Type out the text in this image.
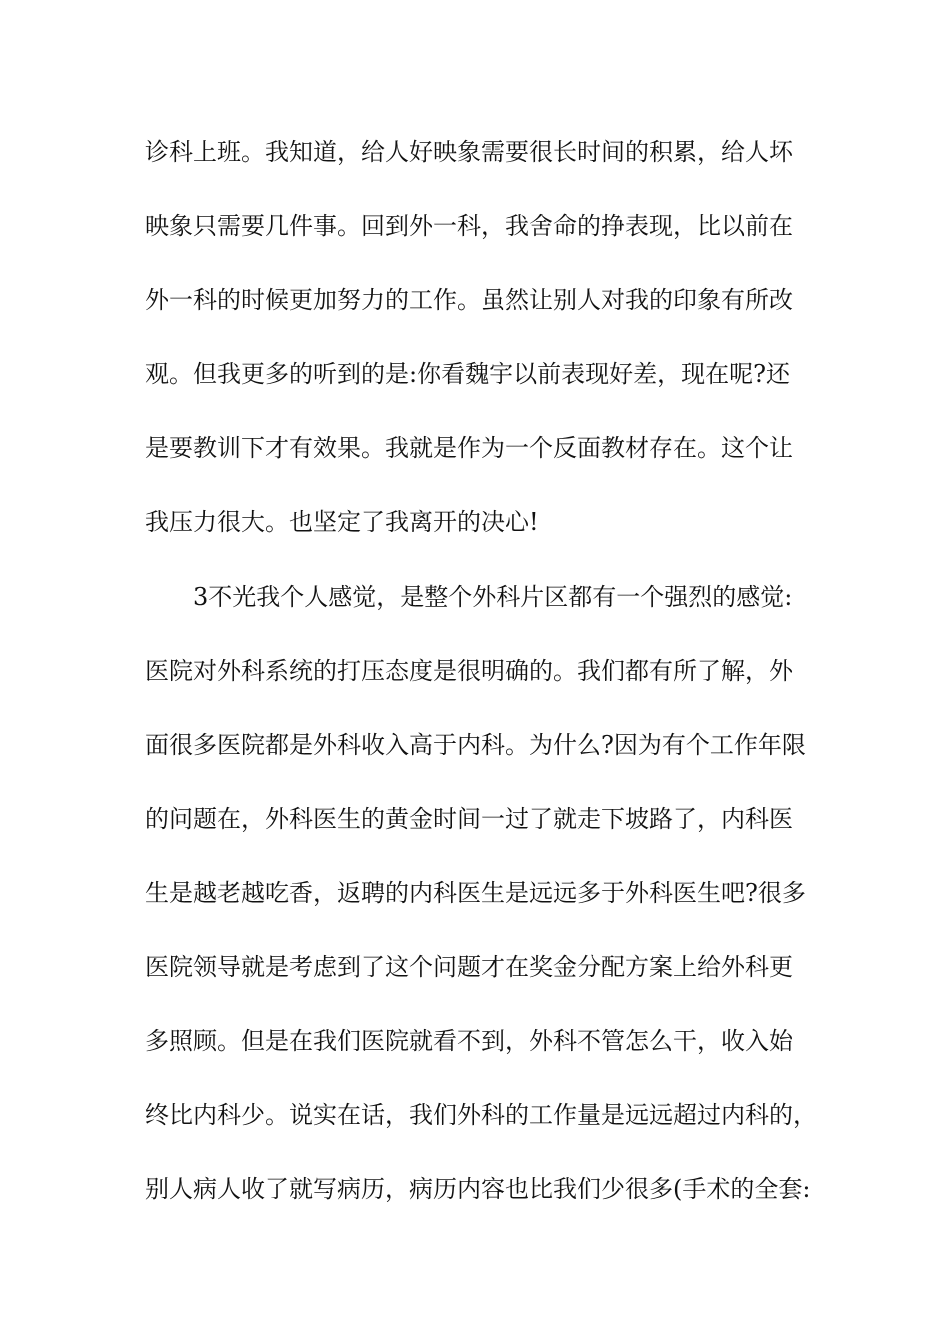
诊科上班。我知道，给人好映象需要很长时间的积累，给人坏
映象只需要几件事。回到外一科，我舍命的挣表现，比以前在
外一科的时候更加努力的工作。虽然让别人对我的印象有所改
观。但我更多的听到的是:你看魏宇以前表现好差，现在呢?还
是要教训下才有效果。我就是作为一个反面教材存在。这个让
我压力很大。也坚定了我离开的决心!
3不光我个人感觉，是整个外科片区都有一个强烈的感觉:
医院对外科系统的打压态度是很明确的。我们都有所了解，外
面很多医院都是外科收入高于内科。为什么?因为有个工作年限
的问题在，外科医生的黄金时间一过了就走下坡路了，内科医
生是越老越吃香，返聘的内科医生是远远多于外科医生吧?很多
医院领导就是考虑到了这个问题才在奖金分配方案上给外科更
多照顾。但是在我们医院就看不到，外科不管怎么干，收入始
终比内科少。说实在话，我们外科的工作量是远远超过内科的，
别人病人收了就写病历，病历内容也比我们少很多(手术的全套:
